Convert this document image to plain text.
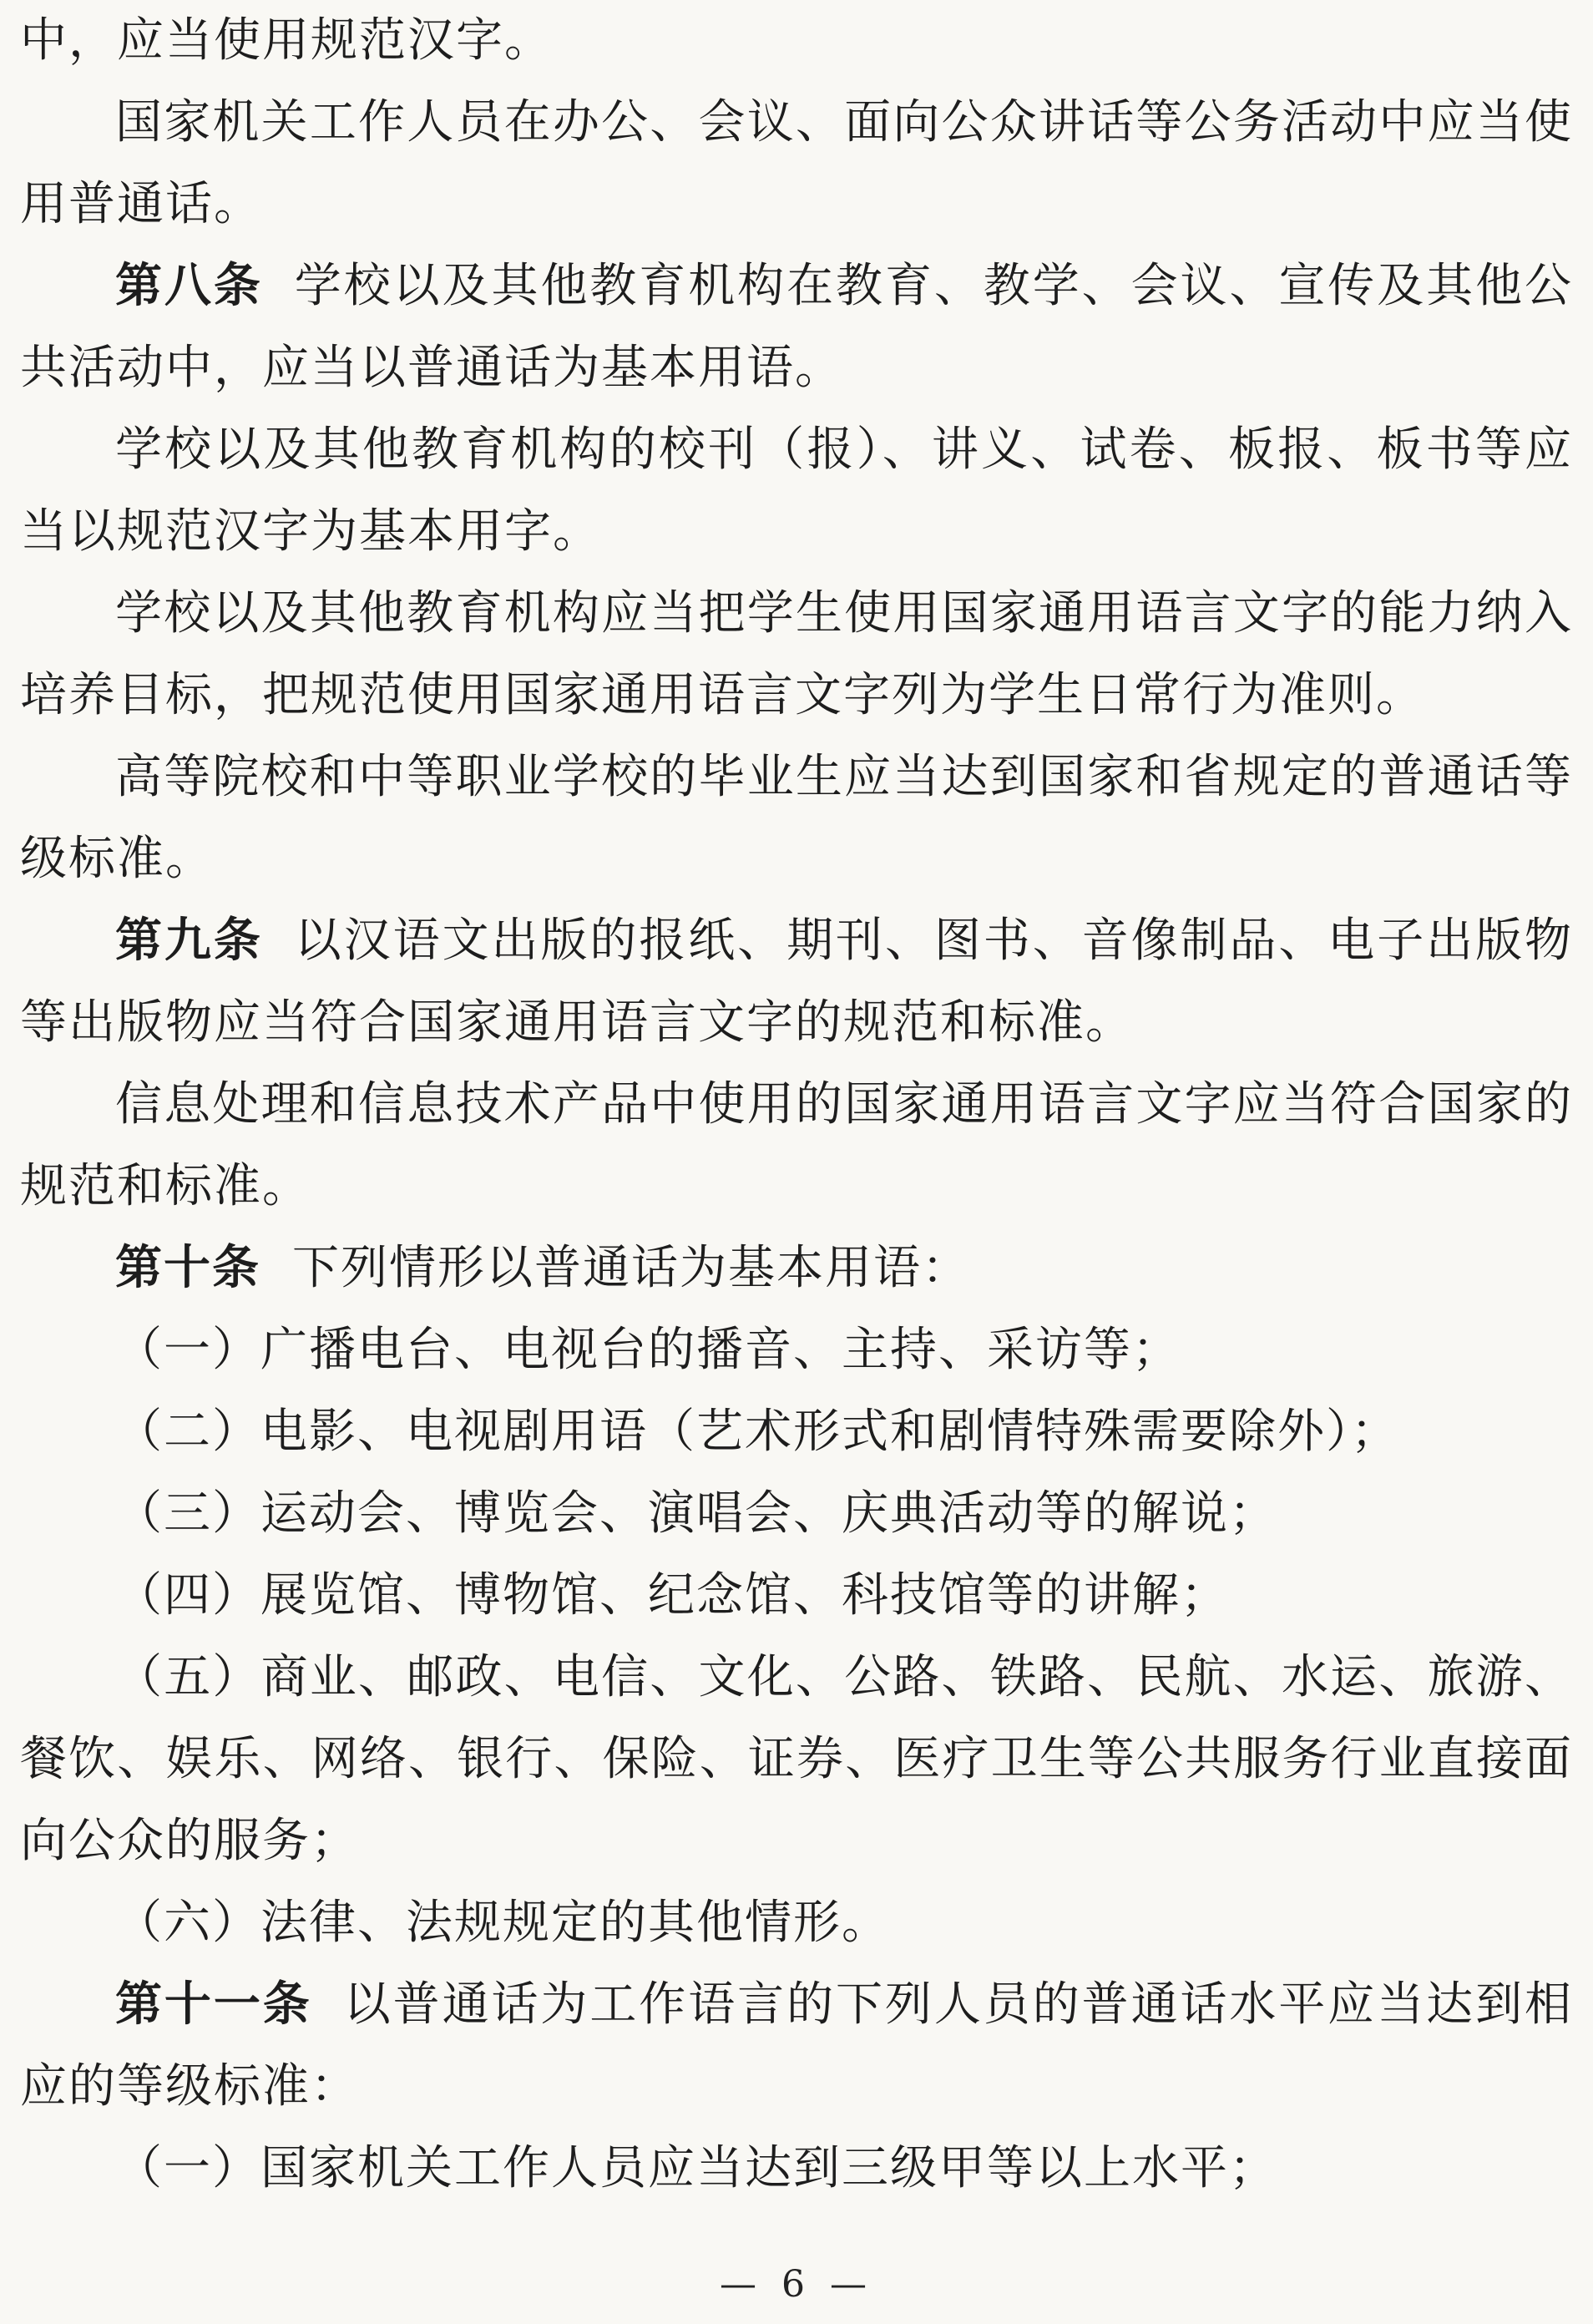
中，应当使用规范汉字。

国家机关工作人员在办公、会议、面向公众讲话等公务活动中应当使用普通话。

第八条 学校以及其他教育机构在教育、教学、会议、宣传及其他公共活动中，应当以普通话为基本用语。

学校以及其他教育机构的校刊（报）、讲义、试卷、板报、板书等应当以规范汉字为基本用字。

学校以及其他教育机构应当把学生使用国家通用语言文字的能力纳入培养目标，把规范使用国家通用语言文字列为学生日常行为准则。

高等院校和中等职业学校的毕业生应当达到国家和省规定的普通话等级标准。

第九条 以汉语文出版的报纸、期刊、图书、音像制品、电子出版物等出版物应当符合国家通用语言文字的规范和标准。

信息处理和信息技术产品中使用的国家通用语言文字应当符合国家的规范和标准。

第十条 下列情形以普通话为基本用语：

（一）广播电台、电视台的播音、主持、采访等；

（二）电影、电视剧用语（艺术形式和剧情特殊需要除外）；

（三）运动会、博览会、演唱会、庆典活动等的解说；

（四）展览馆、博物馆、纪念馆、科技馆等的讲解；

（五）商业、邮政、电信、文化、公路、铁路、民航、水运、旅游、餐饮、娱乐、网络、银行、保险、证券、医疗卫生等公共服务行业直接面向公众的服务；

（六）法律、法规规定的其他情形。

第十一条 以普通话为工作语言的下列人员的普通话水平应当达到相应的等级标准：

（一）国家机关工作人员应当达到三级甲等以上水平；

— 6 —
